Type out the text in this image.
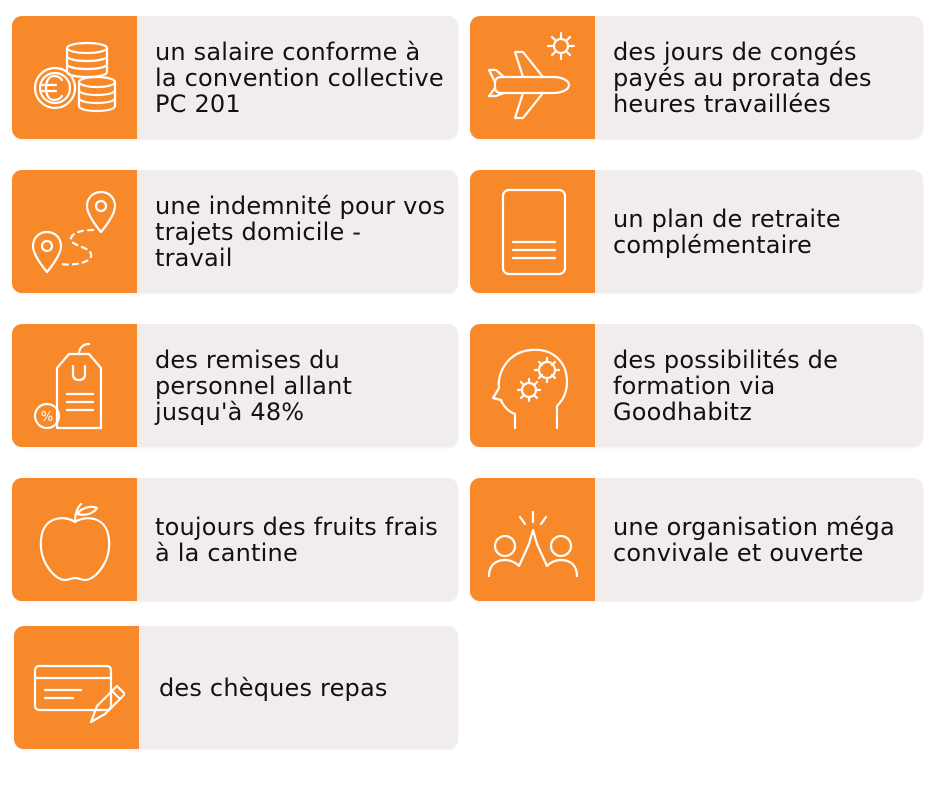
un salaire conforme à la convention collective PC 201
des jours de congés payés au prorata des heures travaillées
une indemnité pour vos trajets domicile - travail
un plan de retraite complémentaire
%
des remises du personnel allant jusqu'à 48%
des possibilités de formation via Goodhabitz
toujours des fruits frais à la cantine
une organisation méga convivale et ouverte
des chèques repas
